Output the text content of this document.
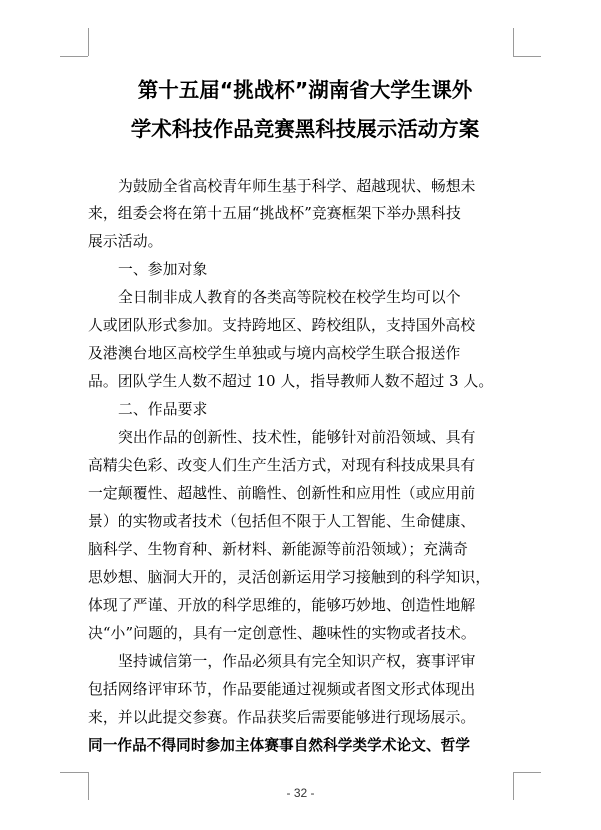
第十五届“挑战杯”湖南省大学生课外
学术科技作品竞赛黑科技展示活动方案
为鼓励全省高校青年师生基于科学、超越现状、畅想未
来，组委会将在第十五届“挑战杯”竞赛框架下举办黑科技
展示活动。
一、参加对象
全日制非成人教育的各类高等院校在校学生均可以个
人或团队形式参加。支持跨地区、跨校组队，支持国外高校
及港澳台地区高校学生单独或与境内高校学生联合报送作
品。团队学生人数不超过 10 人，指导教师人数不超过 3 人。
二、作品要求
突出作品的创新性、技术性，能够针对前沿领域、具有
高精尖色彩、改变人们生产生活方式，对现有科技成果具有
一定颠覆性、超越性、前瞻性、创新性和应用性（或应用前
景）的实物或者技术（包括但不限于人工智能、生命健康、
脑科学、生物育种、新材料、新能源等前沿领域）；充满奇
思妙想、脑洞大开的，灵活创新运用学习接触到的科学知识，
体现了严谨、开放的科学思维的，能够巧妙地、创造性地解
决“小”问题的，具有一定创意性、趣味性的实物或者技术。
坚持诚信第一，作品必须具有完全知识产权，赛事评审
包括网络评审环节，作品要能通过视频或者图文形式体现出
来，并以此提交参赛。作品获奖后需要能够进行现场展示。
同一作品不得同时参加主体赛事自然科学类学术论文、哲学
- 32 -
